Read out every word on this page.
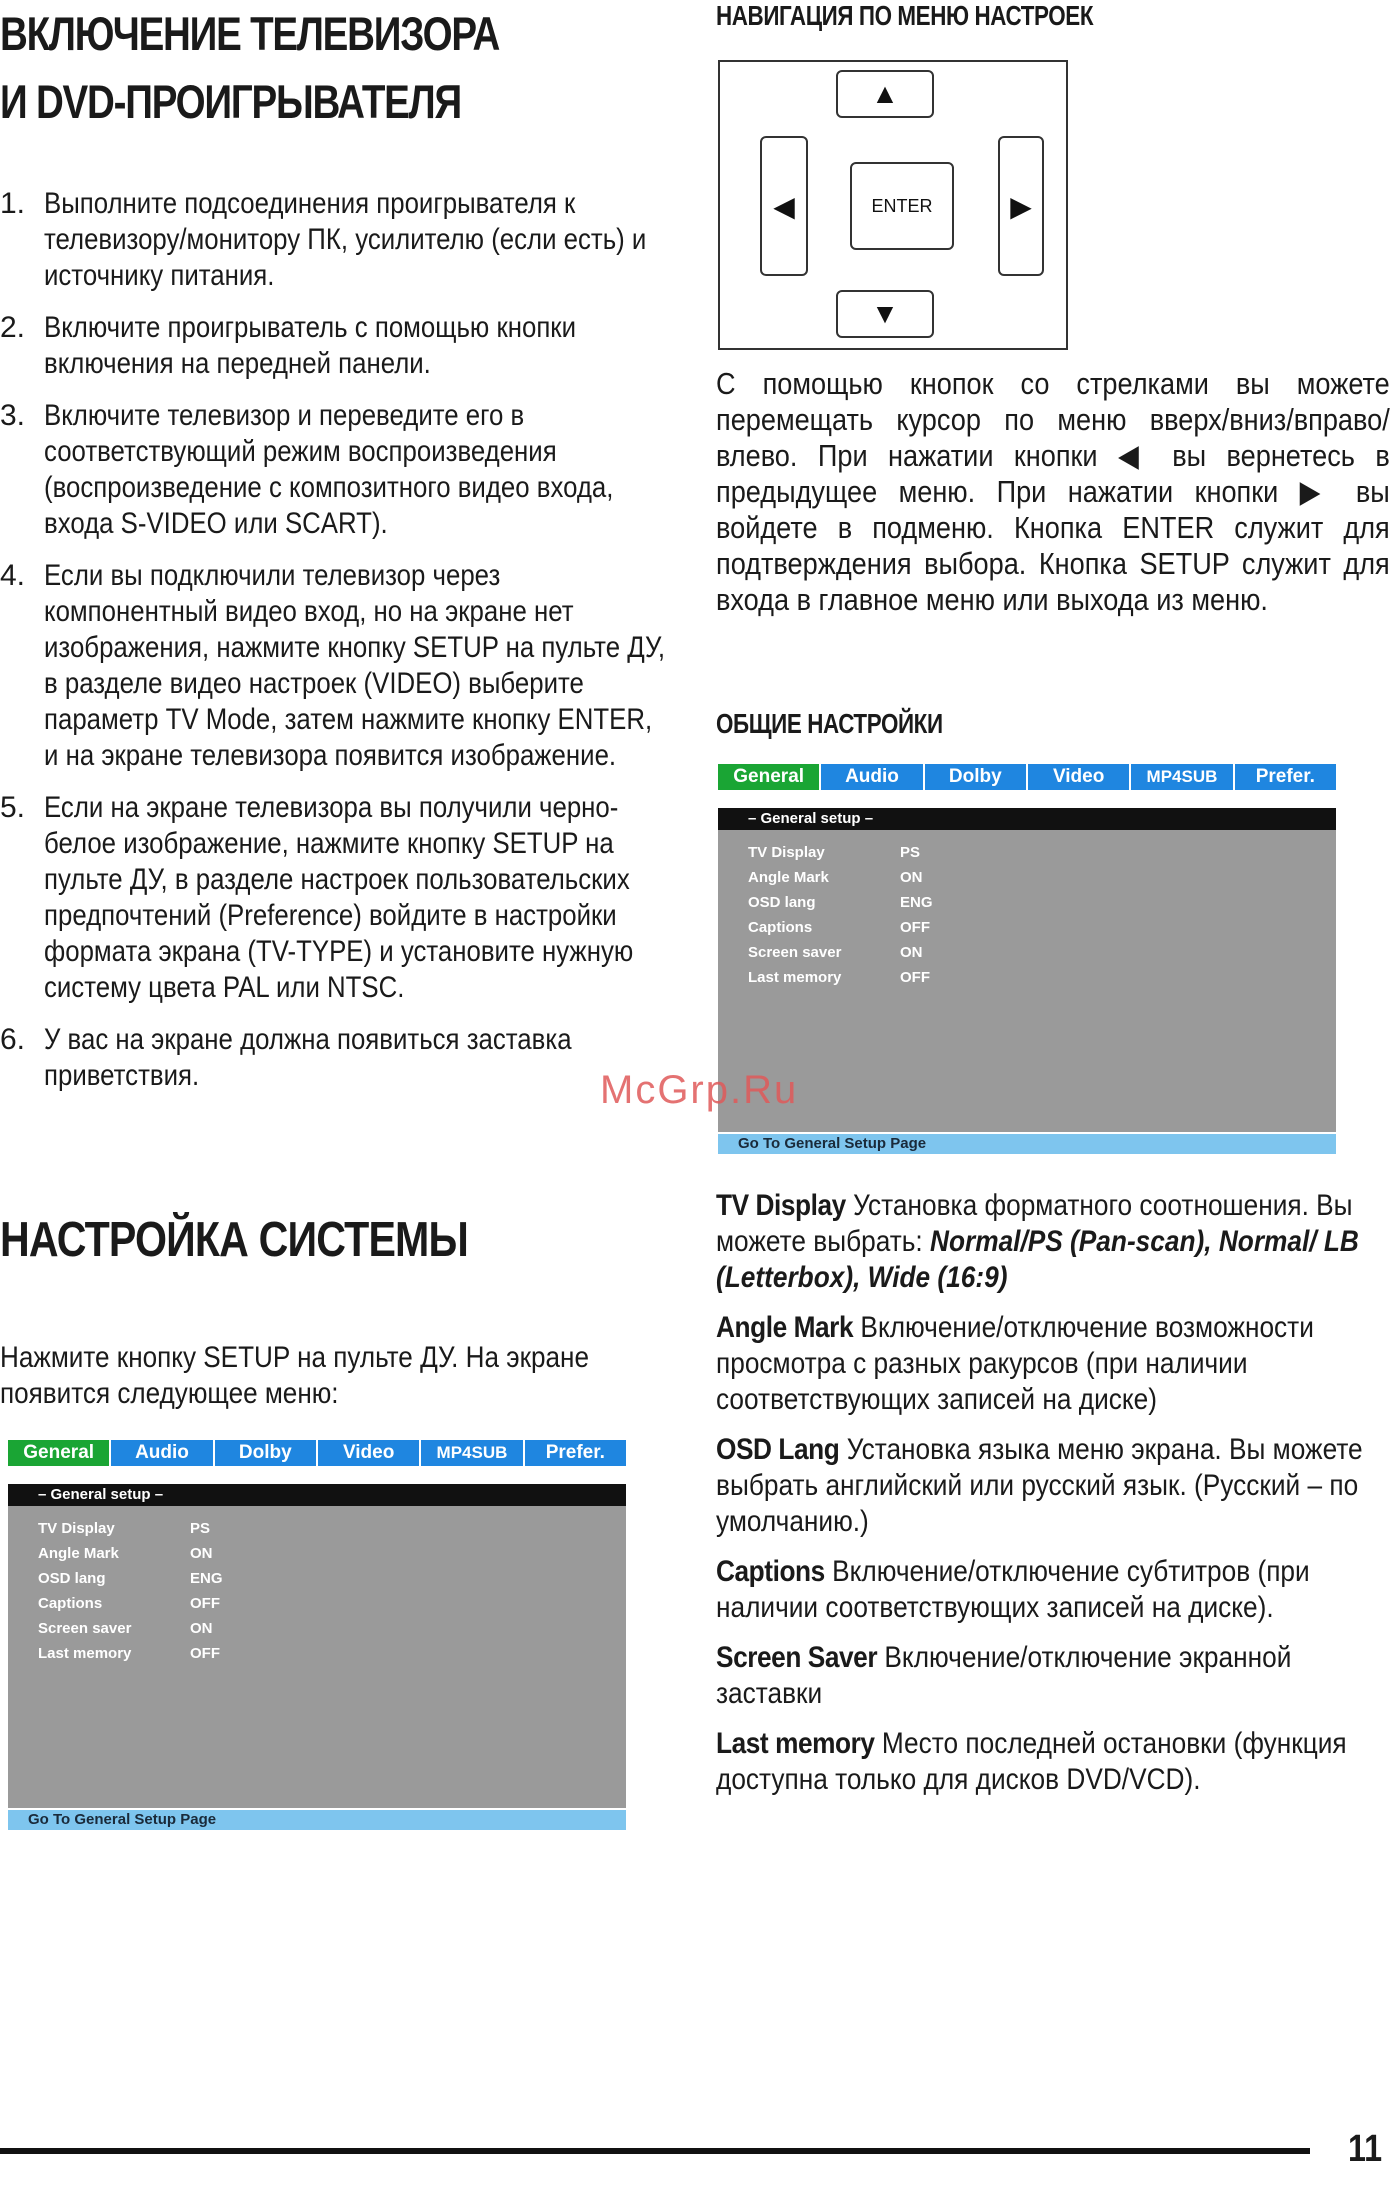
ВКЛЮЧЕНИЕ ТЕЛЕВИЗОРА
И DVD-ПРОИГРЫВАТЕЛЯ
1. Выполните подсоединения проигрывателя к телевизору/монитору ПК, усилителю (если есть) и источнику питания.
2. Включите проигрыватель с помощью кнопки включения на передней панели.
3. Включите телевизор и переведите его в соответствующий режим воспроизведения (воспроизведение с композитного видео входа, входа S-VIDEO или SCART).
4. Если вы подключили телевизор через компонентный видео вход, но на экране нет изображения, нажмите кнопку SETUP на пульте ДУ, в разделе видео настроек (VIDEO) выберите параметр TV Mode, затем нажмите кнопку ENTER, и на экране телевизора появится изображение.
5. Если на экране телевизора вы получили черно-белое изображение, нажмите кнопку SETUP на пульте ДУ, в разделе настроек пользовательских предпочтений (Preference) войдите в настройки формата экрана (TV-TYPE) и установите нужную систему цвета PAL или NTSC.
6. У вас на экране должна появиться заставка приветствия.
НАСТРОЙКА СИСТЕМЫ
Нажмите кнопку SETUP на пульте ДУ. На экране появится следующее меню:
General	Audio	Dolby	Video	MP4SUB	Prefer.
– General setup –
TV Display	PS
Angle Mark	ON
OSD lang	ENG
Captions	OFF
Screen saver	ON
Last memory	OFF
Go To General Setup Page
НАВИГАЦИЯ ПО МЕНЮ НАСТРОЕК
▲
◀	ENTER	▶
▼
С помощью кнопок со стрелками вы можете перемещать курсор по меню вверх/вниз/вправо/влево. При нажатии кнопки ◀ вы вернетесь в предыдущее меню. При нажатии кнопки ▶ вы войдете в подменю. Кнопка ENTER служит для подтверждения выбора. Кнопка SETUP служит для входа в главное меню или выхода из меню.
ОБЩИЕ НАСТРОЙКИ
General	Audio	Dolby	Video	MP4SUB	Prefer.
– General setup –
TV Display	PS
Angle Mark	ON
OSD lang	ENG
Captions	OFF
Screen saver	ON
Last memory	OFF
Go To General Setup Page
TV Display Установка форматного соотношения. Вы можете выбрать: Normal/PS (Pan-scan), Normal/ LB (Letterbox), Wide (16:9)
Angle Mark Включение/отключение возможности просмотра с разных ракурсов (при наличии соответствующих записей на диске)
OSD Lang Установка языка меню экрана. Вы можете выбрать английский или русский язык. (Русский – по умолчанию.)
Captions Включение/отключение субтитров (при наличии соответствующих записей на диске).
Screen Saver Включение/отключение экранной заставки
Last memory Место последней остановки (функция доступна только для дисков DVD/VCD).
McGrp.Ru
11
